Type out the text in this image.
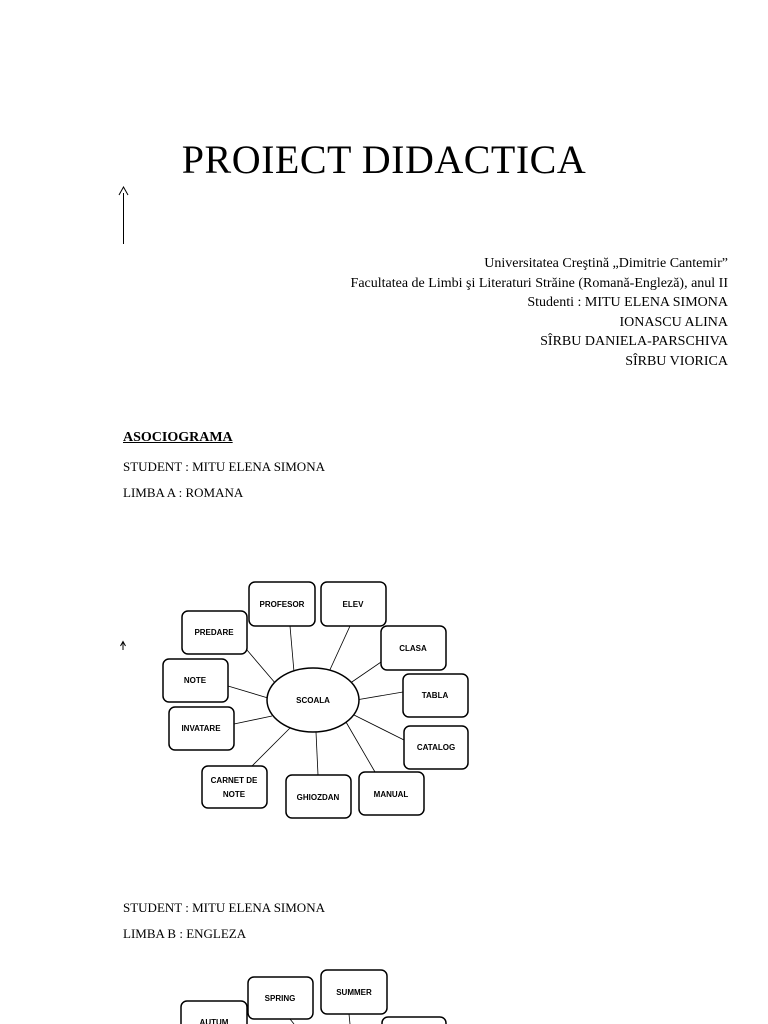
PROIECT DIDACTICA
Universitatea Creştină „Dimitrie Cantemir”
Facultatea de Limbi şi Literaturi Străine (Romană-Engleză), anul II
Studenti : MITU ELENA SIMONA
IONASCU ALINA
SÎRBU DANIELA-PARSCHIVA
SÎRBU VIORICA
ASOCIOGRAMA
STUDENT : MITU ELENA SIMONA
LIMBA A : ROMANA
SCOALA
PROFESOR	ELEV
CLASA
TABLA
CATALOG
MANUAL
GHIOZDAN
CARNET DE
NOTE
INVATARE
NOTE
PREDARE
SPRING
SUMMER
AUTUM
STUDENT : MITU ELENA SIMONA
LIMBA B : ENGLEZA
